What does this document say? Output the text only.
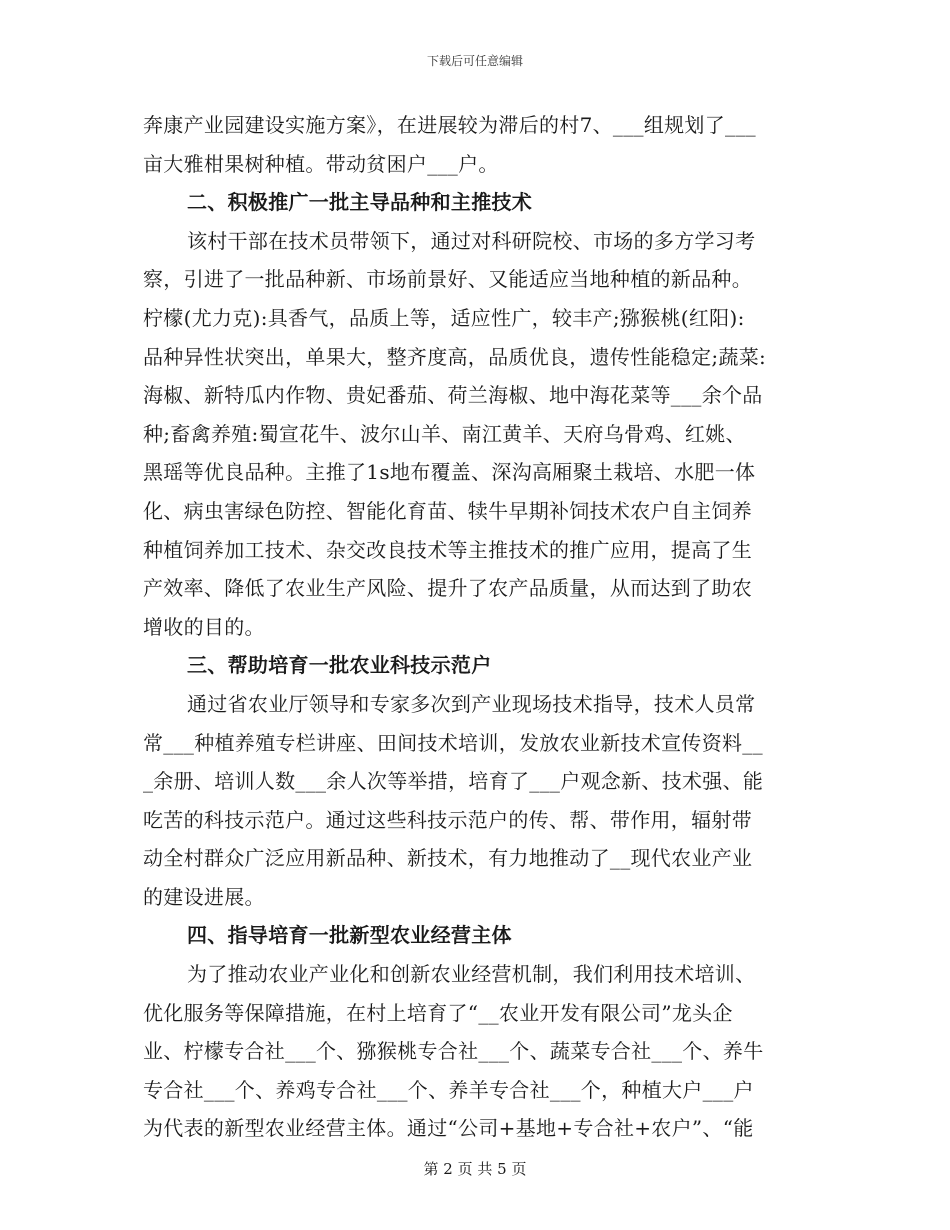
下载后可任意编辑
奔康产业园建设实施方案》，在进展较为滞后的村7、___组规划了___
亩大雅柑果树种植。带动贫困户___户。
二、积极推广一批主导品种和主推技术
该村干部在技术员带领下，通过对科研院校、市场的多方学习考
察，引进了一批品种新、市场前景好、又能适应当地种植的新品种。
柠檬(尤力克):具香气，品质上等，适应性广，较丰产;猕猴桃(红阳):
品种异性状突出，单果大，整齐度高，品质优良，遗传性能稳定;蔬菜:
海椒、新特瓜内作物、贵妃番茄、荷兰海椒、地中海花菜等___余个品
种;畜禽养殖:蜀宣花牛、波尔山羊、南江黄羊、天府乌骨鸡、红姚、
黑瑶等优良品种。主推了1s地布覆盖、深沟高厢聚土栽培、水肥一体
化、病虫害绿色防控、智能化育苗、犊牛早期补饲技术农户自主饲养
种植饲养加工技术、杂交改良技术等主推技术的推广应用，提高了生
产效率、降低了农业生产风险、提升了农产品质量，从而达到了助农
增收的目的。
三、帮助培育一批农业科技示范户
通过省农业厅领导和专家多次到产业现场技术指导，技术人员常
常___种植养殖专栏讲座、田间技术培训，发放农业新技术宣传资料__
_余册、培训人数___余人次等举措，培育了___户观念新、技术强、能
吃苦的科技示范户。通过这些科技示范户的传、帮、带作用，辐射带
动全村群众广泛应用新品种、新技术，有力地推动了__现代农业产业
的建设进展。
四、指导培育一批新型农业经营主体
为了推动农业产业化和创新农业经营机制，我们利用技术培训、
优化服务等保障措施，在村上培育了“__农业开发有限公司”龙头企
业、柠檬专合社___个、猕猴桃专合社___个、蔬菜专合社___个、养牛
专合社___个、养鸡专合社___个、养羊专合社___个，种植大户___户
为代表的新型农业经营主体。通过“公司+基地+专合社+农户”、“能
第 2 页 共 5 页
